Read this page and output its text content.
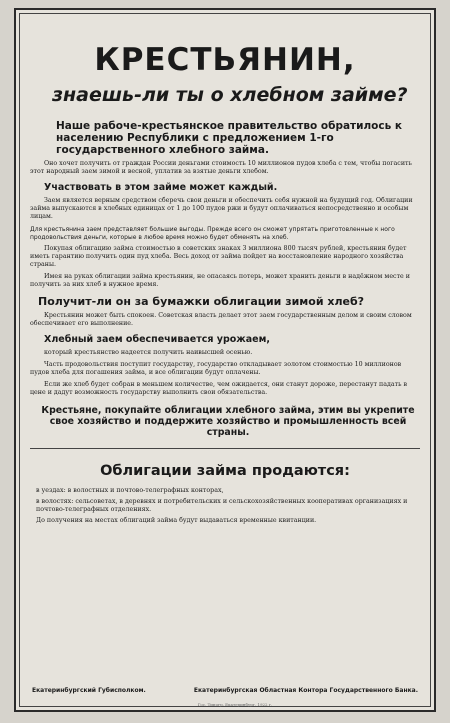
КРЕСТЬЯНИН,
знаешь-ли ты о хлебном займе?
Наше рабоче-крестьянское правительство обратилось к населению Республики с предложением 1-го государственного хлебного займа.

Оно хочет получить от граждан России деньгами стоимость 10 миллионов пудов хлеба с тем, чтобы погасить этот народный заем зимой и весной, уплатив за взятые деньги хлебом.

Участвовать в этом займе может каждый.

Заем является верным средством сберечь свои деньги и обеспечить себя нужной на будущий год. Облигации займа выпускаются в хлебных единицах от 1 до 100 пудов ржи и будут оплачиваться непосредственно и особым лицам.

Для крестьянина заем представляет большие выгоды. Прежде всего он сможет упрятать приготовленные к ного продовольствия деньги, которые в любое время можно будет обменять на хлеб.

Покупая облигацию займа стоимостью в советских знаках 3 миллиона 800 тысяч рублей, крестьянин будет иметь гарантию получить один пуд хлеба. Весь доход от займа пойдет на восстановление народного хозяйства страны.

Имея на руках облигации займа крестьянин, не опасаясь потерь, может хранить деньги в надёжном месте и получить за них хлеб в нужное время.

Получит-ли он за бумажки облигации зимой хлеб?

Крестьянин может быть спокоен. Советская власть делает этот заем государственным делом и своим словом обеспечивает его выполнение.

Хлебный заем обеспечивается урожаем,

который крестьянство надеется получить наивысшей осенью.

Часть продовольствия поступит государству, государство откладывает золотом стоимостью 10 миллионов пудов хлеба для погашения займа, и все облигации будут оплачены.

Если же хлеб будет собран в меньшем количестве, чем ожидается, они станут дороже, перестанут падать в цене и дадут возможность государству выполнить свои обязательства.

Крестьяне, покупайте облигации хлебного займа, этим вы укрепите свое хозяйство и поддержите хозяйство и промышленность всей страны.
Облигации займа продаются:
в уездах: в волостных и почтово-телеграфных конторах,
в волостях: сельсоветах, в деревнях и потребительских и сельскохозяйственных кооперативах организациях и почтово-телеграфных отделениях.
До получения на местах облигаций займа будут выдаваться временные квитанции.
Екатеринбургский Губисполком.	Екатеринбургская Областная Контора Государственного Банка.
Гос. Типогр. Екатеринбург. 1922 г.
